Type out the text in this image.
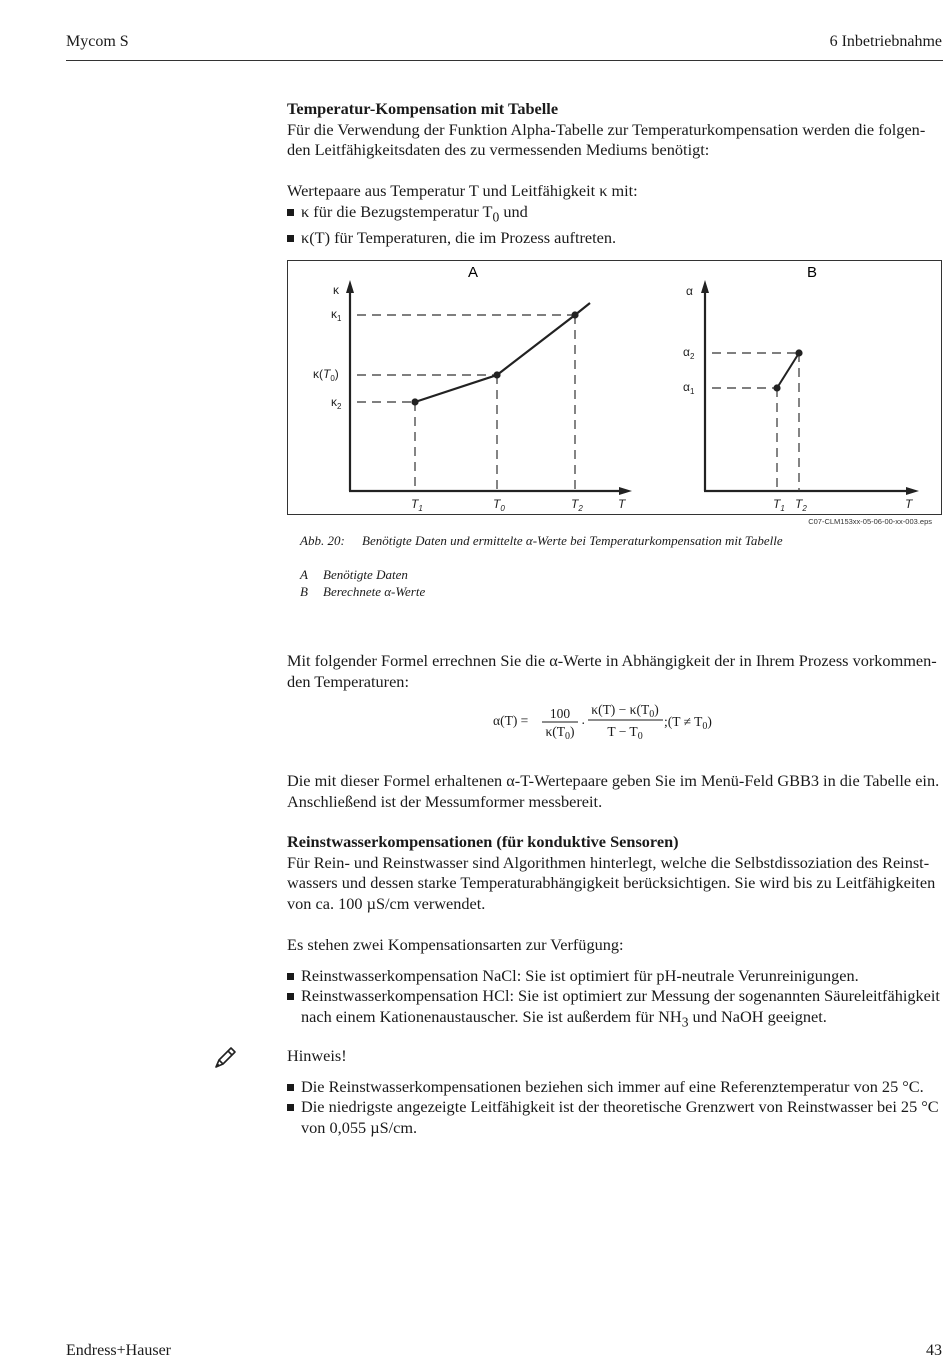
Mycom S	6 Inbetriebnahme
Temperatur-Kompensation mit Tabelle
Für die Verwendung der Funktion Alpha-Tabelle zur Temperaturkompensation werden die folgen-
den Leitfähigkeitsdaten des zu vermessenden Mediums benötigt:
Wertepaare aus Temperatur T und Leitfähigkeit κ mit:
κ für die Bezugstemperatur $T_0$ und
κ(T) für Temperaturen, die im Prozess auftreten.
A
κ
$\kappa_1$
$\kappa(T_0)$
$\kappa_2$
$T_1$	$T_0$	$T_2$	T
B
α
$\alpha_2$
$\alpha_1$
$T_1$ $T_2$	T
C07-CLM153xx-05-06-00-xx-003.eps
Abb. 20: Benötigte Daten und ermittelte α-Werte bei Temperaturkompensation mit Tabelle
A Benötigte Daten
B Berechnete α-Werte
Mit folgender Formel errechnen Sie die α-Werte in Abhängigkeit der in Ihrem Prozess vorkommen-
den Temperaturen:
α(T) = 100
$\kappa(T_0)$
·
$\kappa(T) - \kappa(T_0)$
$T - T_0$
;(T ≠ $T_0$)
Die mit dieser Formel erhaltenen α-T-Wertepaare geben Sie im Menü-Feld GBB3 in die Tabelle ein.
Anschließend ist der Messumformer messbereit.
Reinstwasserkompensationen (für konduktive Sensoren)
Für Rein- und Reinstwasser sind Algorithmen hinterlegt, welche die Selbstdissoziation des Reinst-
wassers und dessen starke Temperaturabhängigkeit berücksichtigen. Sie wird bis zu Leitfähigkeiten
von ca. 100 µS/cm verwendet.
Es stehen zwei Kompensationsarten zur Verfügung:
Reinstwasserkompensation NaCl: Sie ist optimiert für pH-neutrale Verunreinigungen.
Reinstwasserkompensation HCl: Sie ist optimiert zur Messung der sogenannten Säureleitfähigkeit
nach einem Kationenaustauscher. Sie ist außerdem für $NH_3$ und NaOH geeignet.
Hinweis!
Die Reinstwasserkompensationen beziehen sich immer auf eine Referenztemperatur von 25 °C.
Die niedrigste angezeigte Leitfähigkeit ist der theoretische Grenzwert von Reinstwasser bei 25 °C
von 0,055 µS/cm.
Endress+Hauser	43
